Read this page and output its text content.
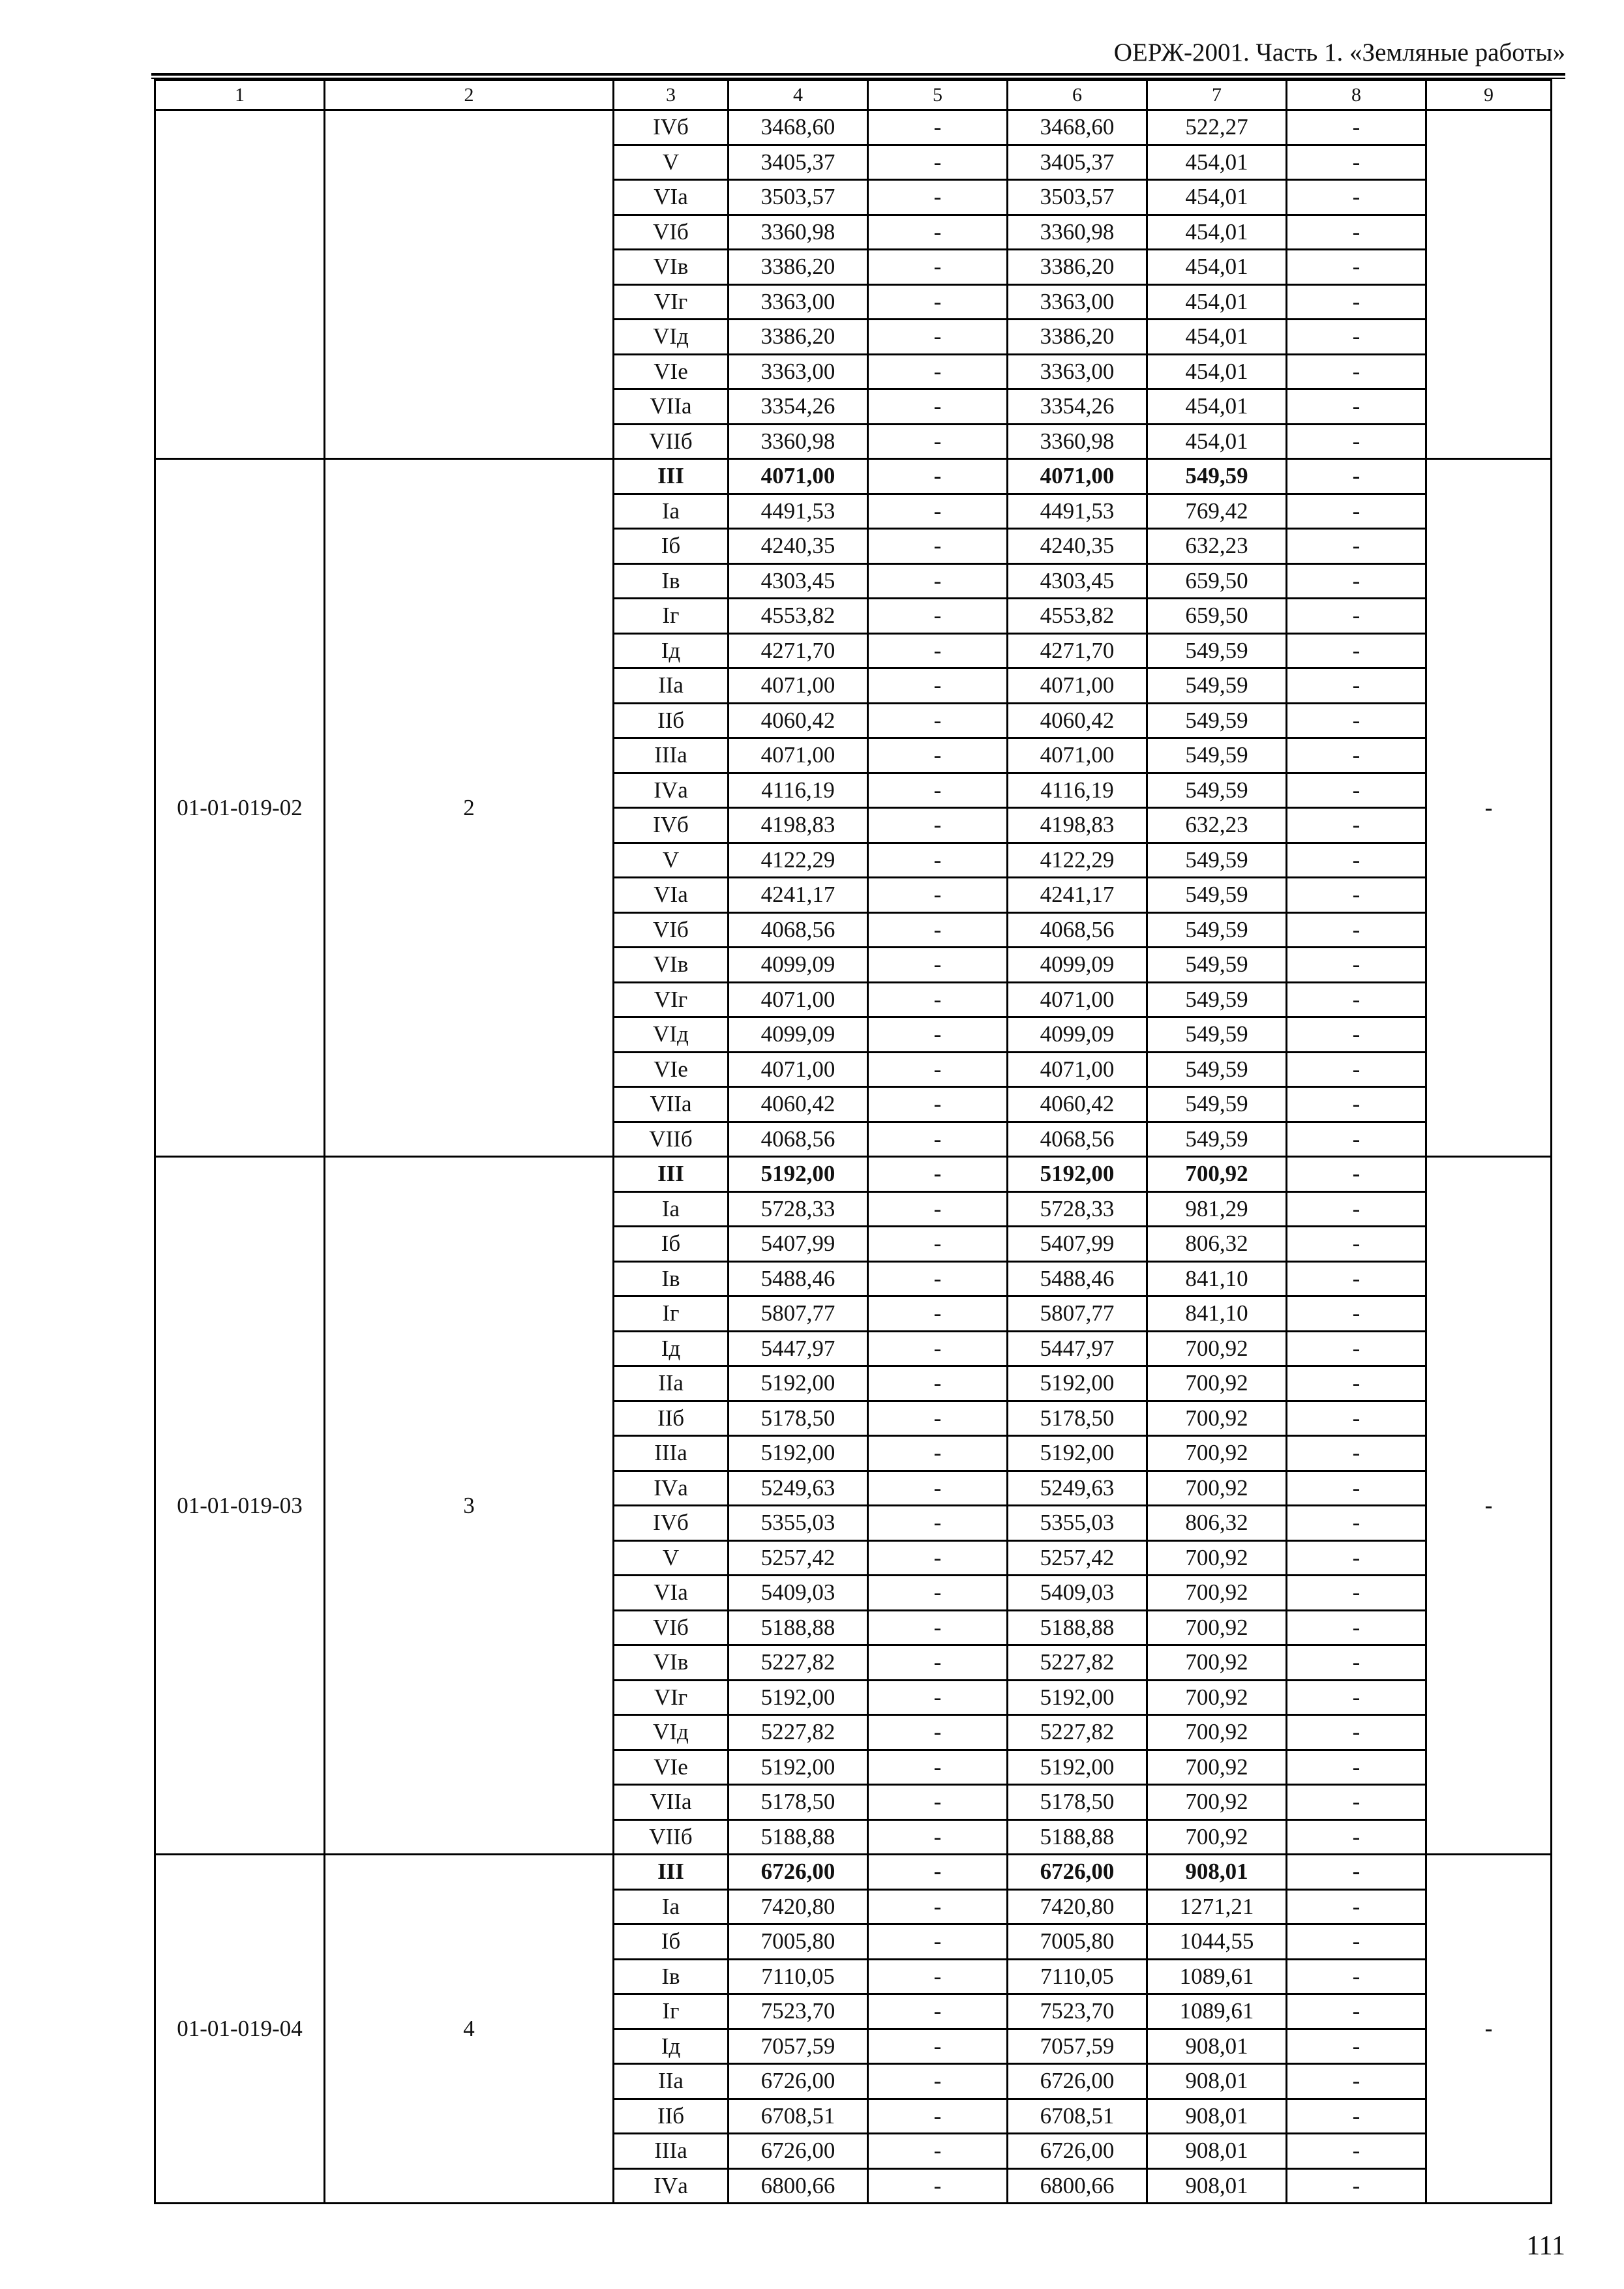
ОЕРЖ-2001. Часть 1. «Земляные работы»
1	2	3	4	5	6	7	8	9
		IVб	3468,60	-	3468,60	522,27	-	
		V	3405,37	-	3405,37	454,01	-	
		VIа	3503,57	-	3503,57	454,01	-	
		VIб	3360,98	-	3360,98	454,01	-	
		VIв	3386,20	-	3386,20	454,01	-	
		VIг	3363,00	-	3363,00	454,01	-	
		VIд	3386,20	-	3386,20	454,01	-	
		VIе	3363,00	-	3363,00	454,01	-	
		VIIа	3354,26	-	3354,26	454,01	-	
		VIIб	3360,98	-	3360,98	454,01	-	
01-01-019-02	2	III	4071,00	-	4071,00	549,59	-	-
		Iа	4491,53	-	4491,53	769,42	-	
		Iб	4240,35	-	4240,35	632,23	-	
		Iв	4303,45	-	4303,45	659,50	-	
		Iг	4553,82	-	4553,82	659,50	-	
		Iд	4271,70	-	4271,70	549,59	-	
		IIа	4071,00	-	4071,00	549,59	-	
		IIб	4060,42	-	4060,42	549,59	-	
		IIIа	4071,00	-	4071,00	549,59	-	
		IVа	4116,19	-	4116,19	549,59	-	
		IVб	4198,83	-	4198,83	632,23	-	
		V	4122,29	-	4122,29	549,59	-	
		VIа	4241,17	-	4241,17	549,59	-	
		VIб	4068,56	-	4068,56	549,59	-	
		VIв	4099,09	-	4099,09	549,59	-	
		VIг	4071,00	-	4071,00	549,59	-	
		VIд	4099,09	-	4099,09	549,59	-	
		VIе	4071,00	-	4071,00	549,59	-	
		VIIа	4060,42	-	4060,42	549,59	-	
		VIIб	4068,56	-	4068,56	549,59	-	
01-01-019-03	3	III	5192,00	-	5192,00	700,92	-	-
		Iа	5728,33	-	5728,33	981,29	-	
		Iб	5407,99	-	5407,99	806,32	-	
		Iв	5488,46	-	5488,46	841,10	-	
		Iг	5807,77	-	5807,77	841,10	-	
		Iд	5447,97	-	5447,97	700,92	-	
		IIа	5192,00	-	5192,00	700,92	-	
		IIб	5178,50	-	5178,50	700,92	-	
		IIIа	5192,00	-	5192,00	700,92	-	
		IVа	5249,63	-	5249,63	700,92	-	
		IVб	5355,03	-	5355,03	806,32	-	
		V	5257,42	-	5257,42	700,92	-	
		VIа	5409,03	-	5409,03	700,92	-	
		VIб	5188,88	-	5188,88	700,92	-	
		VIв	5227,82	-	5227,82	700,92	-	
		VIг	5192,00	-	5192,00	700,92	-	
		VIд	5227,82	-	5227,82	700,92	-	
		VIе	5192,00	-	5192,00	700,92	-	
		VIIа	5178,50	-	5178,50	700,92	-	
		VIIб	5188,88	-	5188,88	700,92	-	
01-01-019-04	4	III	6726,00	-	6726,00	908,01	-	-
		Iа	7420,80	-	7420,80	1271,21	-	
		Iб	7005,80	-	7005,80	1044,55	-	
		Iв	7110,05	-	7110,05	1089,61	-	
		Iг	7523,70	-	7523,70	1089,61	-	
		Iд	7057,59	-	7057,59	908,01	-	
		IIа	6726,00	-	6726,00	908,01	-	
		IIб	6708,51	-	6708,51	908,01	-	
		IIIа	6726,00	-	6726,00	908,01	-	
		IVа	6800,66	-	6800,66	908,01	-	
111
